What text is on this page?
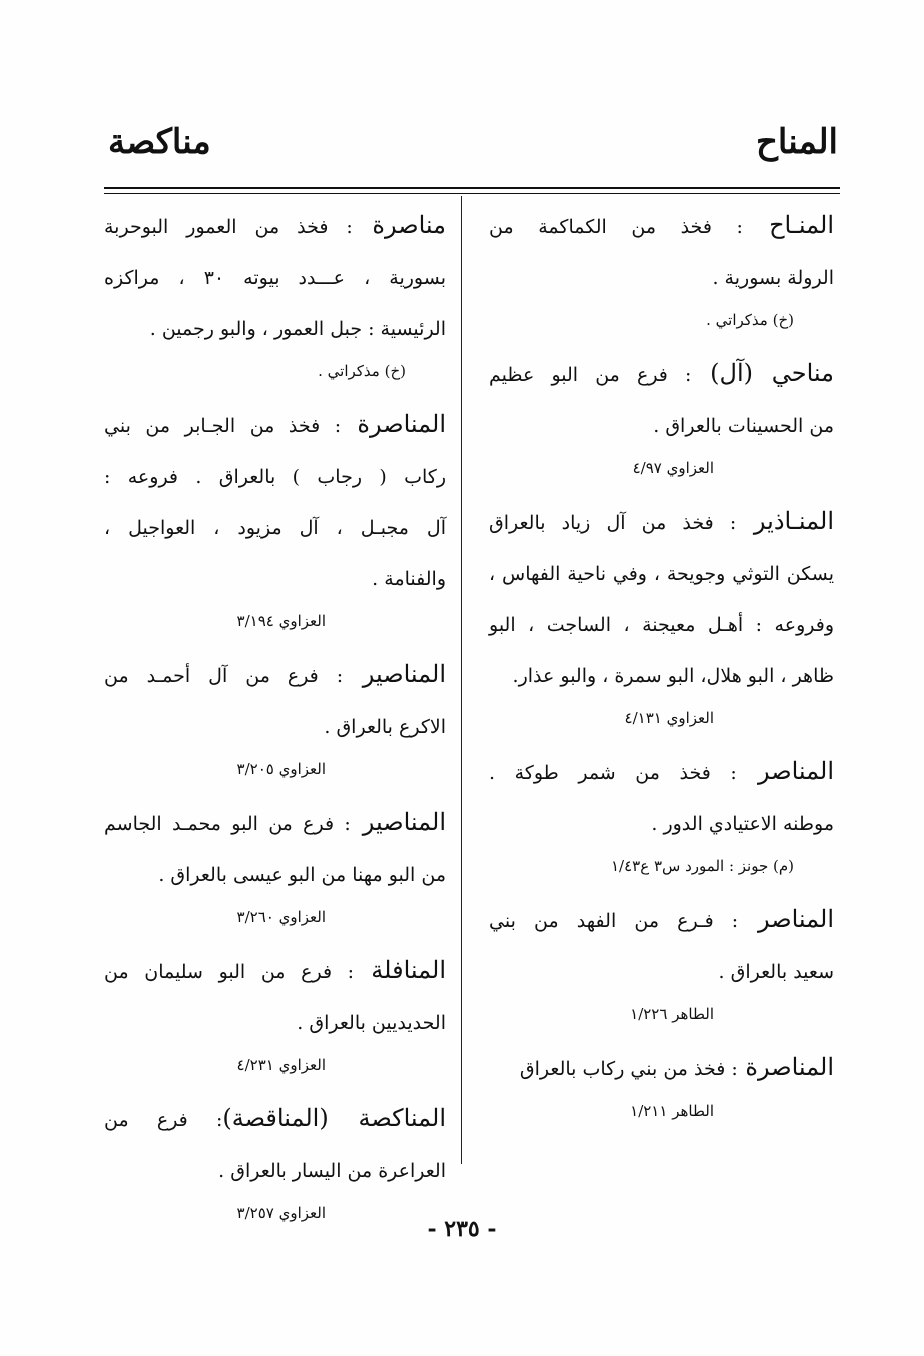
المناح
مناكصة
المنـاح : فخذ من الكماكمة من
الرولة بسورية .
(خ) مذكراتي .
مناحي (آل) : فرع من البو عظيم
من الحسينات بالعراق .
العزاوي ٤/٩٧
المنـاذير : فخذ من آل زياد بالعراق
يسكن التوثي وجويحة ، وفي ناحية الفهاس ،
وفروعه : أهـل معيجنة ، الساجت ، البو
ظاهر ، البو هلال، البو سمرة ، والبو عذار.
العزاوي ٤/١٣١
المناصر : فخذ من شمر طوكة .
موطنه الاعتيادي الدور .
(م) جونز : المورد س٣ ع١/٤٣
المناصر : فـرع من الفهد من بني
سعيد بالعراق .
الطاهر ١/٢٢٦
المناصرة : فخذ من بني ركاب بالعراق
الطاهر ١/٢١١
مناصرة : فخذ من العمور البوحربة
بسورية ، عـــدد بيوته ٣٠ ، مراكزه
الرئيسية : جبل العمور ، والبو رجمين .
(خ) مذكراتي .
المناصرة : فخذ من الجـابر من بني
ركاب ( رجاب ) بالعراق . فروعه :
آل مجبـل ، آل مزيود ، العواجيل ،
والفنامة .
العزاوي ٣/١٩٤
المناصير : فرع من آل أحمـد من
الاكرع بالعراق .
العزاوي ٣/٢٠٥
المناصير : فرع من البو محمـد الجاسم
من البو مهنا من البو عيسى بالعراق .
العزاوي ٣/٢٦٠
المنافلة : فرع من البو سليمان من
الحديديين بالعراق .
العزاوي ٤/٢٣١
المناكصة (المناقصة): فرع من
العراعرة من اليسار بالعراق .
العزاوي ٣/٢٥٧
- ٢٣٥ -
